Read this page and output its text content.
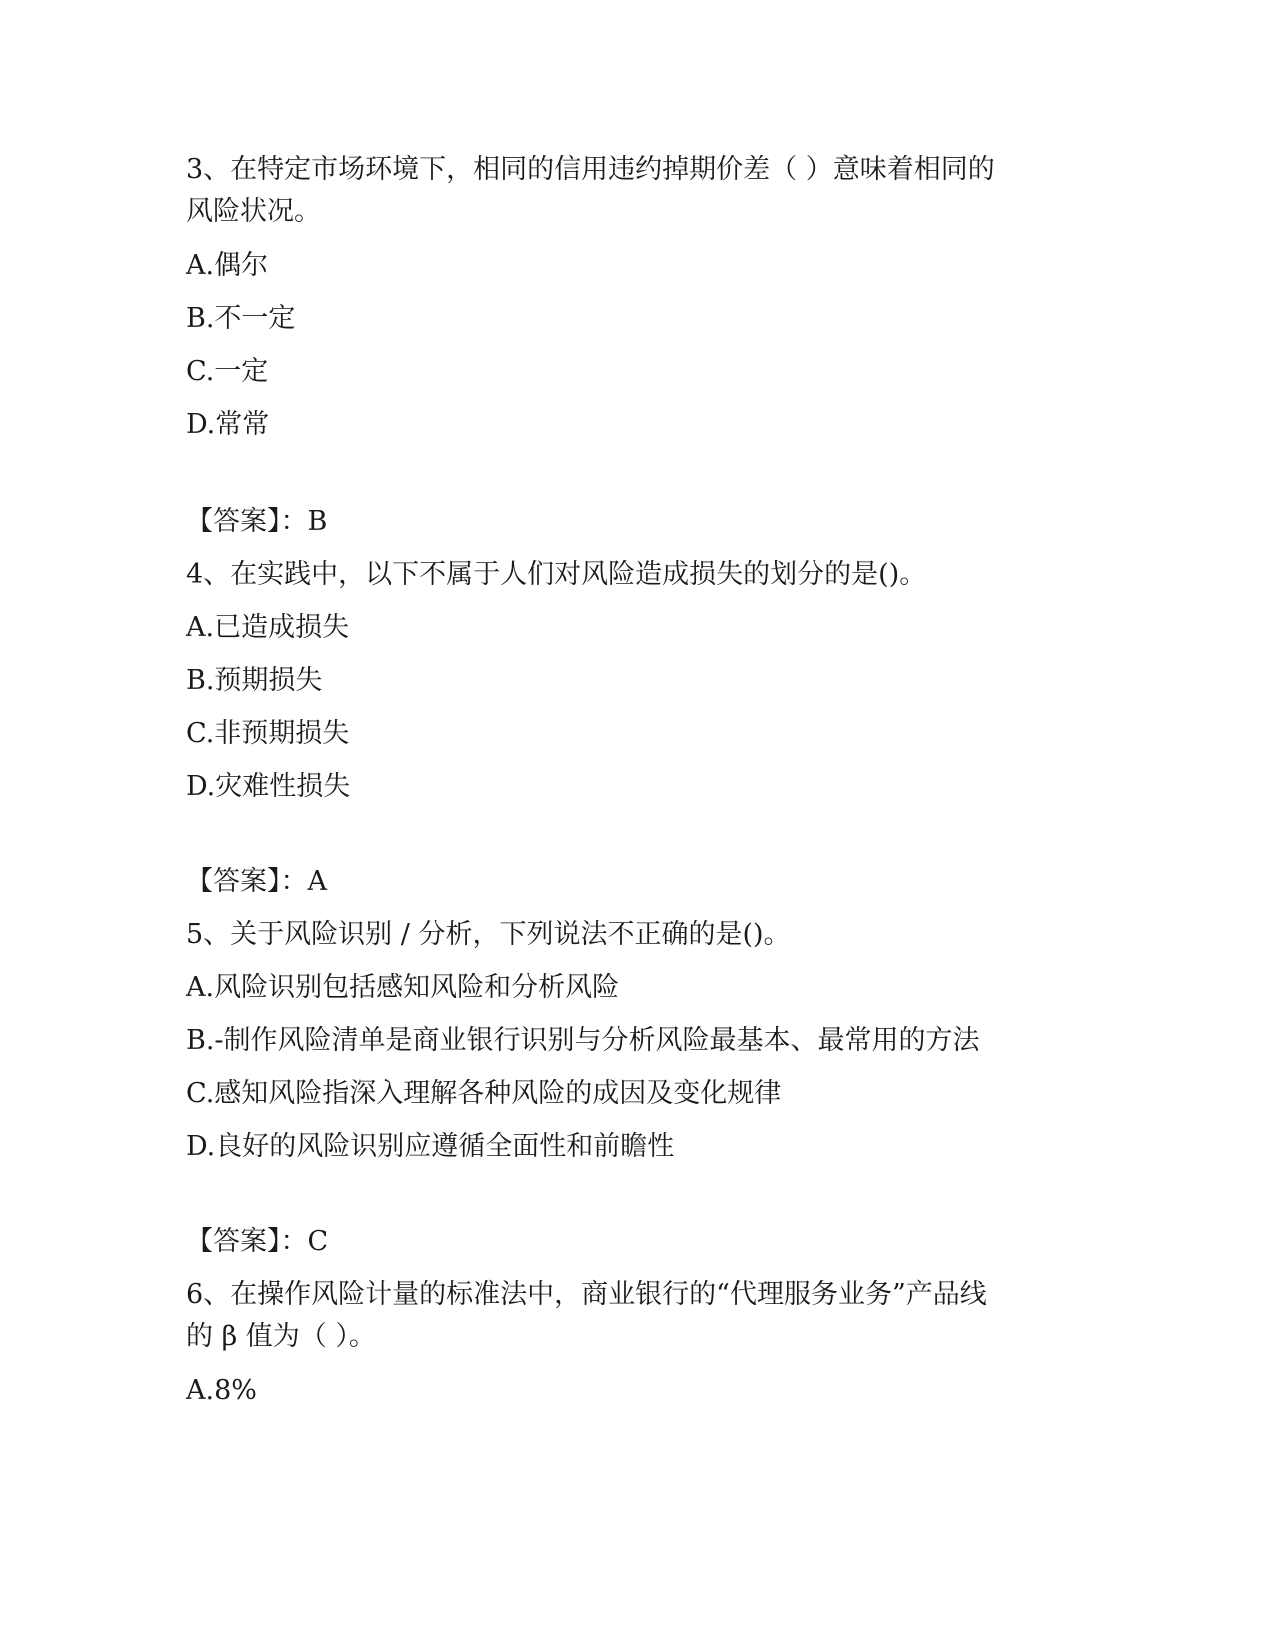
3、在特定市场环境下，相同的信用违约掉期价差（ ）意味着相同的
风险状况。
A.偶尔
B.不一定
C.一定
D.常常
【答案】：B
4、在实践中，以下不属于人们对风险造成损失的划分的是()。
A.已造成损失
B.预期损失
C.非预期损失
D.灾难性损失
【答案】：A
5、关于风险识别 / 分析，下列说法不正确的是()。
A.风险识别包括感知风险和分析风险
B.-制作风险清单是商业银行识别与分析风险最基本、最常用的方法
C.感知风险指深入理解各种风险的成因及变化规律
D.良好的风险识别应遵循全面性和前瞻性
【答案】：C
6、在操作风险计量的标准法中，商业银行的“代理服务业务”产品线
的 β 值为（ ）。
A.8%
